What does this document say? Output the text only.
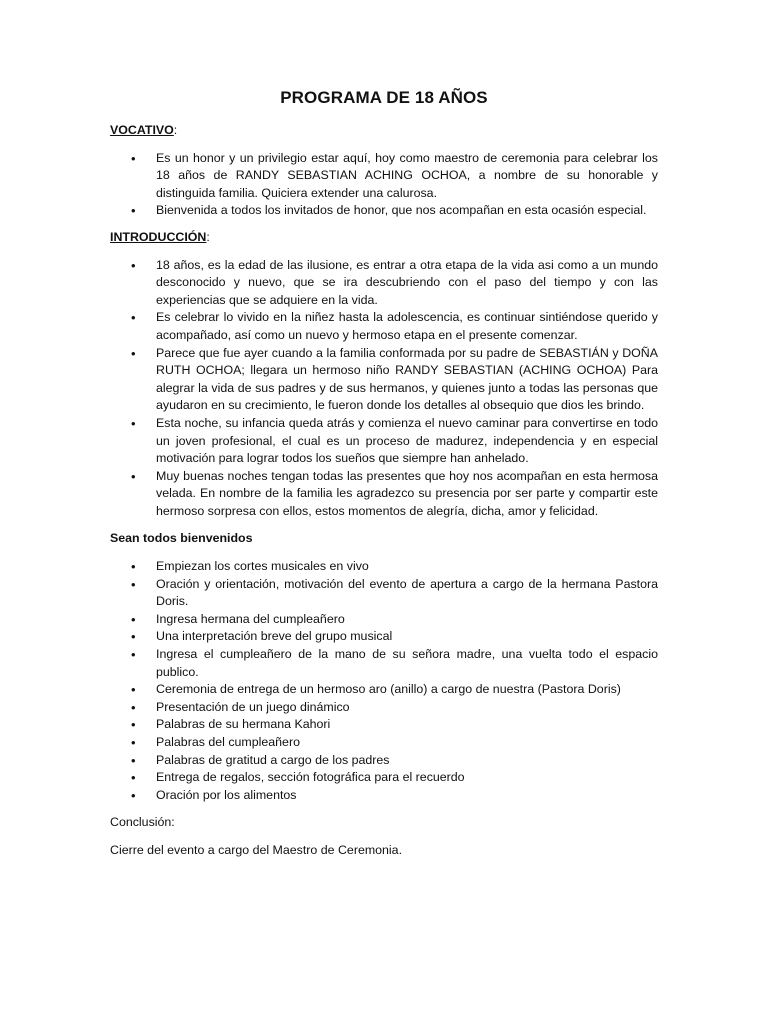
PROGRAMA DE 18 AÑOS
VOCATIVO:
• Es un honor y un privilegio estar aquí, hoy como maestro de ceremonia para celebrar los 18 años de RANDY SEBASTIAN ACHING OCHOA, a nombre de su honorable y distinguida familia. Quiciera extender una calurosa.
• Bienvenida a todos los invitados de honor, que nos acompañan en esta ocasión especial.
INTRODUCCIÓN:
• 18 años, es la edad de las ilusione, es entrar a otra etapa de la vida asi como a un mundo desconocido y nuevo, que se ira descubriendo con el paso del tiempo y con las experiencias que se adquiere en la vida.
• Es celebrar lo vivido en la niñez hasta la adolescencia, es continuar sintiéndose querido y acompañado, así como un nuevo y hermoso etapa en el presente comenzar.
• Parece que fue ayer cuando a la familia conformada por su padre de SEBASTIÁN y DOÑA RUTH OCHOA; llegara un hermoso niño RANDY SEBASTIAN (ACHING OCHOA) Para alegrar la vida de sus padres y de sus hermanos, y quienes junto a todas las personas que ayudaron en su crecimiento, le fueron donde los detalles al obsequio que dios les brindo.
• Esta noche, su infancia queda atrás y comienza el nuevo caminar para convertirse en todo un joven profesional, el cual es un proceso de madurez, independencia y en especial motivación para lograr todos los sueños que siempre han anhelado.
• Muy buenas noches tengan todas las presentes que hoy nos acompañan en esta hermosa velada. En nombre de la familia les agradezco su presencia por ser parte y compartir este hermoso sorpresa con ellos, estos momentos de alegría, dicha, amor y felicidad.
Sean todos bienvenidos
• Empiezan los cortes musicales en vivo
• Oración y orientación, motivación del evento de apertura a cargo de la hermana Pastora Doris.
• Ingresa hermana del cumpleañero
• Una interpretación breve del grupo musical
• Ingresa el cumpleañero de la mano de su señora madre, una vuelta todo el espacio publico.
• Ceremonia de entrega de un hermoso aro (anillo) a cargo de nuestra (Pastora Doris)
• Presentación de un juego dinámico
• Palabras de su hermana Kahori
• Palabras del cumpleañero
• Palabras de gratitud a cargo de los padres
• Entrega de regalos, sección fotográfica para el recuerdo
• Oración por los alimentos

Conclusión:

Cierre del evento a cargo del Maestro de Ceremonia.
